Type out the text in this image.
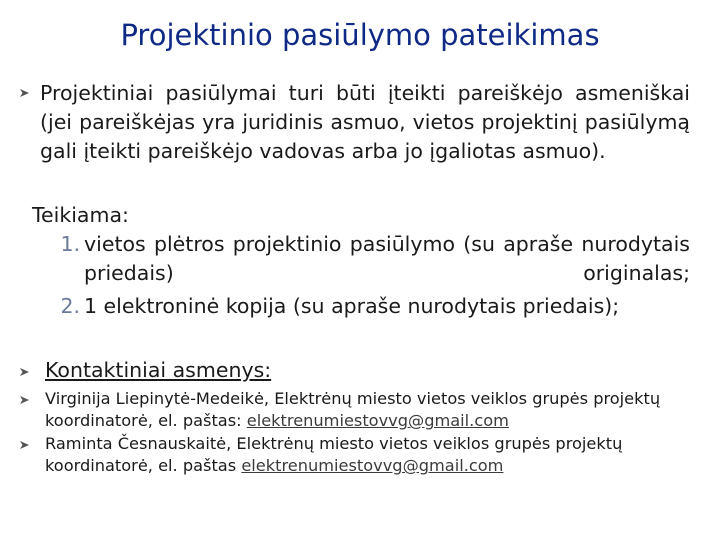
Projektinio pasiūlymo pateikimas
Projektiniai pasiūlymai turi būti įteikti pareiškėjo asmeniškai (jei pareiškėjas yra juridinis asmuo, vietos projektinį pasiūlymą gali įteikti pareiškėjo vadovas arba jo įgaliotas asmuo).
Teikiama:
1. vietos plėtros projektinio pasiūlymo (su apraše nurodytais priedais) originalas;
2. 1 elektroninė kopija (su apraše nurodytais priedais);
Kontaktiniai asmenys:
Virginija Liepinytė-Medeikė, Elektrėnų miesto vietos veiklos grupės projektų koordinatorė, el. paštas: elektrenumiestovvg@gmail.com
Raminta Česnauskaitė, Elektrėnų miesto vietos veiklos grupės projektų koordinatorė, el. paštas elektrenumiestovvg@gmail.com
